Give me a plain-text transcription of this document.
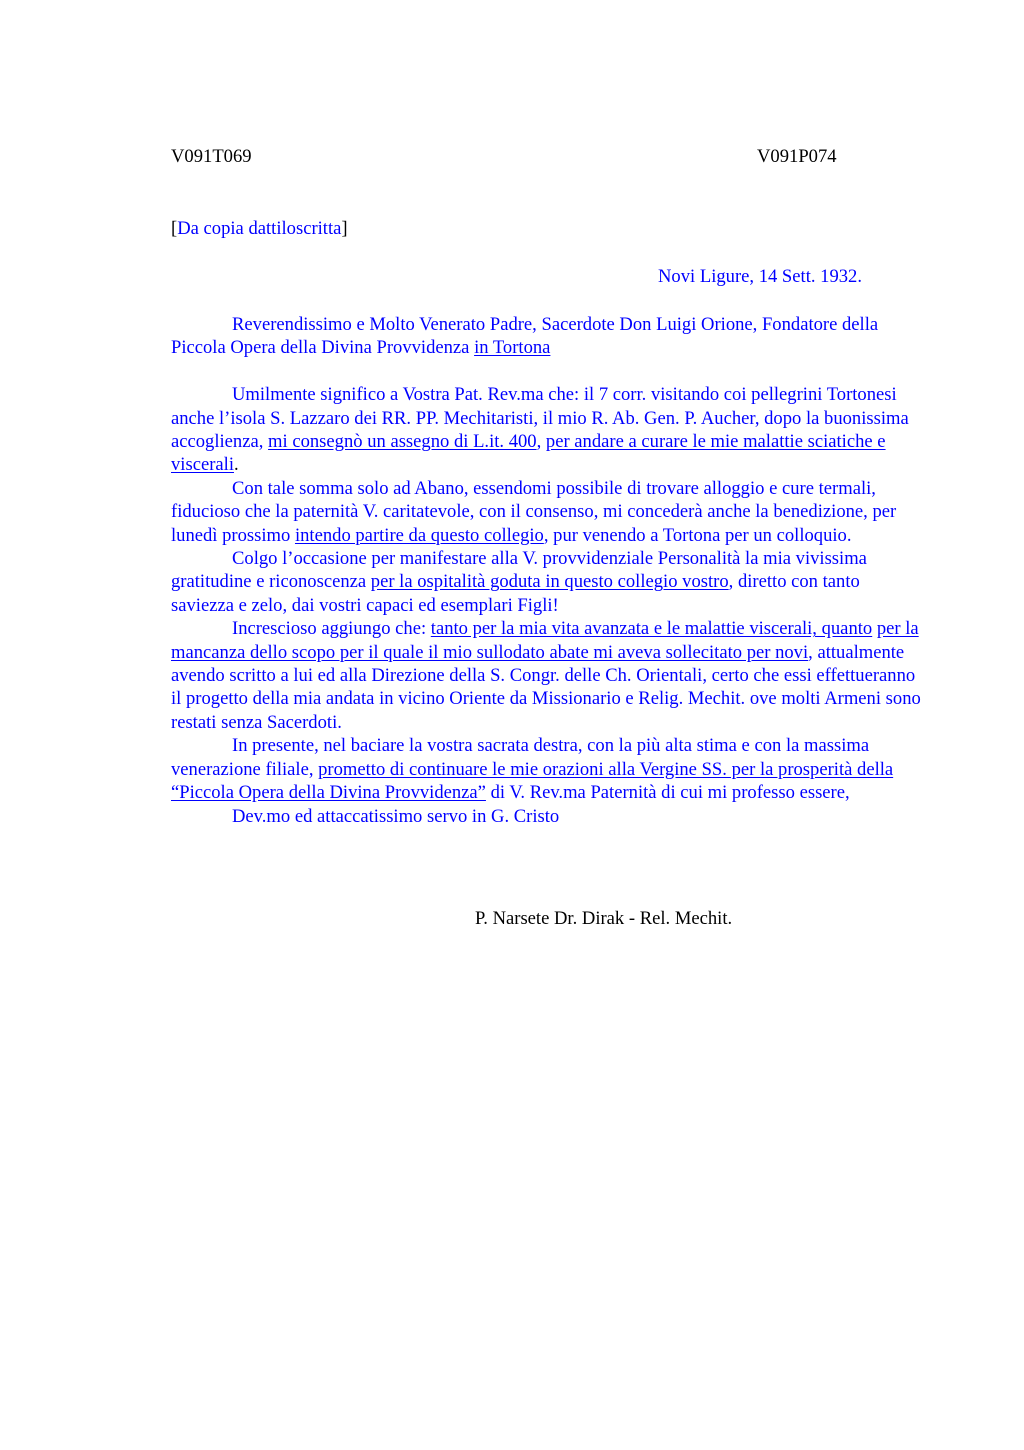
V091T069	V091P074
[Da copia dattiloscritta]
Novi Ligure, 14 Sett. 1932.

Reverendissimo e Molto Venerato Padre, Sacerdote Don Luigi Orione, Fondatore della Piccola Opera della Divina Provvidenza in Tortona

Umilmente significo a Vostra Pat. Rev.ma che: il 7 corr. visitando coi pellegrini Tortonesi anche l’isola S. Lazzaro dei RR. PP. Mechitaristi, il mio R. Ab. Gen. P. Aucher, dopo la buonissima accoglienza, mi consegnò un assegno di L.it. 400, per andare a curare le mie malattie sciatiche e viscerali.

Con tale somma solo ad Abano, essendomi possibile di trovare alloggio e cure termali, fiducioso che la paternità V. caritatevole, con il consenso, mi concederà anche la benedizione, per lunedì prossimo intendo partire da questo collegio, pur venendo a Tortona per un colloquio.

Colgo l’occasione per manifestare alla V. provvidenziale Personalità la mia vivissima gratitudine e riconoscenza per la ospitalità goduta in questo collegio vostro, diretto con tanto saviezza e zelo, dai vostri capaci ed esemplari Figli!

Increscioso aggiungo che: tanto per la mia vita avanzata e le malattie viscerali, quanto per la mancanza dello scopo per il quale il mio sullodato abate mi aveva sollecitato per novi, attualmente avendo scritto a lui ed alla Direzione della S. Congr. delle Ch. Orientali, certo che essi effettueranno il progetto della mia andata in vicino Oriente da Missionario e Relig. Mechit. ove molti Armeni sono restati senza Sacerdoti.

In presente, nel baciare la vostra sacrata destra, con la più alta stima e con la massima venerazione filiale, prometto di continuare le mie orazioni alla Vergine SS. per la prosperità della “Piccola Opera della Divina Provvidenza” di V. Rev.ma Paternità di cui mi professo essere,

Dev.mo ed attaccatissimo servo in G. Cristo

P. Narsete Dr. Dirak - Rel. Mechit.
